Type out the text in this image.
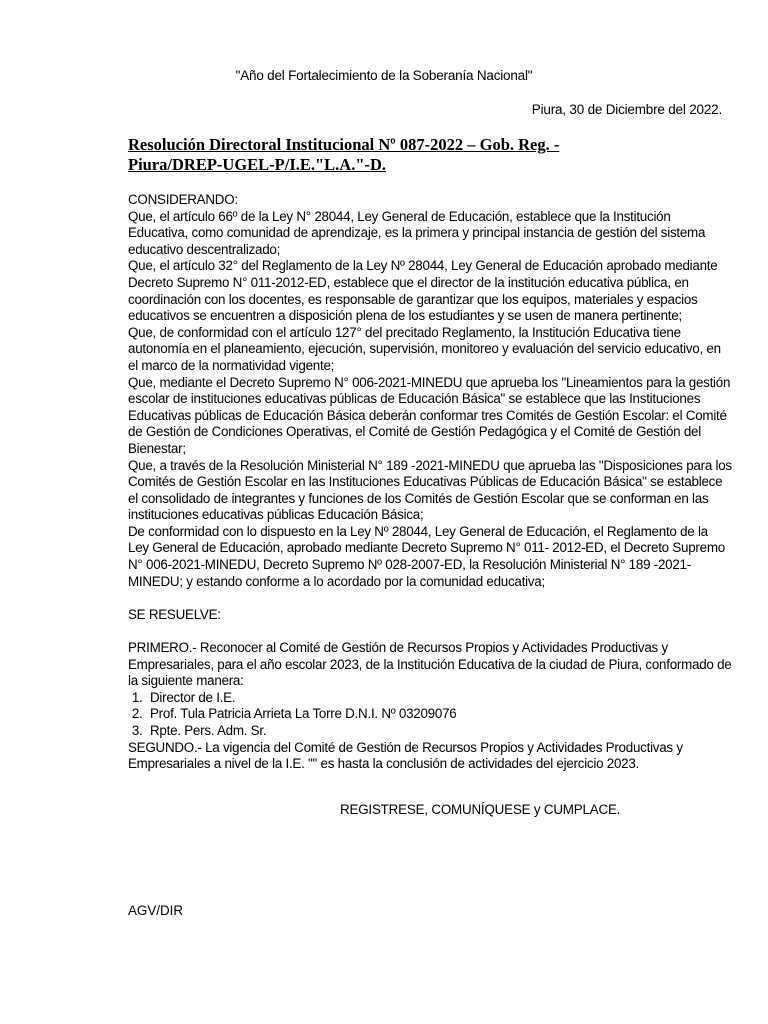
"Año del Fortalecimiento de la Soberanía Nacional"
Piura, 30 de Diciembre del 2022.
Resolución Directoral Institucional Nº 087-2022 – Gob. Reg. -
Piura/DREP-UGEL-P/I.E."L.A."-D.

CONSIDERANDO:

Que, el artículo 66º de la Ley N° 28044, Ley General de Educación, establece que la Institución Educativa, como comunidad de aprendizaje, es la primera y principal instancia de gestión del sistema educativo descentralizado;

Que, el artículo 32° del Reglamento de la Ley Nº 28044, Ley General de Educación aprobado mediante Decreto Supremo N° 011-2012-ED, establece que el director de la institución educativa pública, en coordinación con los docentes, es responsable de garantizar que los equipos, materiales y espacios educativos se encuentren a disposición plena de los estudiantes y se usen de manera pertinente;

Que, de conformidad con el artículo 127° del precitado Reglamento, la Institución Educativa tiene autonomía en el planeamiento, ejecución, supervisión, monitoreo y evaluación del servicio educativo, en el marco de la normatividad vigente;

Que, mediante el Decreto Supremo N° 006-2021-MINEDU que aprueba los "Lineamientos para la gestión escolar de instituciones educativas públicas de Educación Básica" se establece que las Instituciones Educativas públicas de Educación Básica deberán conformar tres Comités de Gestión Escolar: el Comité de Gestión de Condiciones Operativas, el Comité de Gestión Pedagógica y el Comité de Gestión del Bienestar;

Que, a través de la Resolución Ministerial N° 189 -2021-MINEDU que aprueba las "Disposiciones para los Comités de Gestión Escolar en las Instituciones Educativas Públicas de Educación Básica" se establece el consolidado de integrantes y funciones de los Comités de Gestión Escolar que se conforman en las instituciones educativas públicas Educación Básica;

De conformidad con lo dispuesto en la Ley Nº 28044, Ley General de Educación, el Reglamento de la Ley General de Educación, aprobado mediante Decreto Supremo N° 011- 2012-ED, el Decreto Supremo N° 006-2021-MINEDU, Decreto Supremo Nº 028-2007-ED, la Resolución Ministerial N° 189 -2021- MINEDU; y estando conforme a lo acordado por la comunidad educativa;

SE RESUELVE:

PRIMERO.- Reconocer al Comité de Gestión de Recursos Propios y Actividades Productivas y Empresariales, para el año escolar 2023, de la Institución Educativa de la ciudad de Piura, conformado de la siguiente manera:

1. Director de I.E.
2. Prof. Tula Patricia Arrieta La Torre D.N.I. Nº 03209076
3. Rpte. Pers. Adm. Sr.

SEGUNDO.- La vigencia del Comité de Gestión de Recursos Propios y Actividades Productivas y Empresariales a nivel de la I.E. "" es hasta la conclusión de actividades del ejercicio 2023.

REGISTRESE, COMUNÍQUESE y CUMPLACE.
AGV/DIR
